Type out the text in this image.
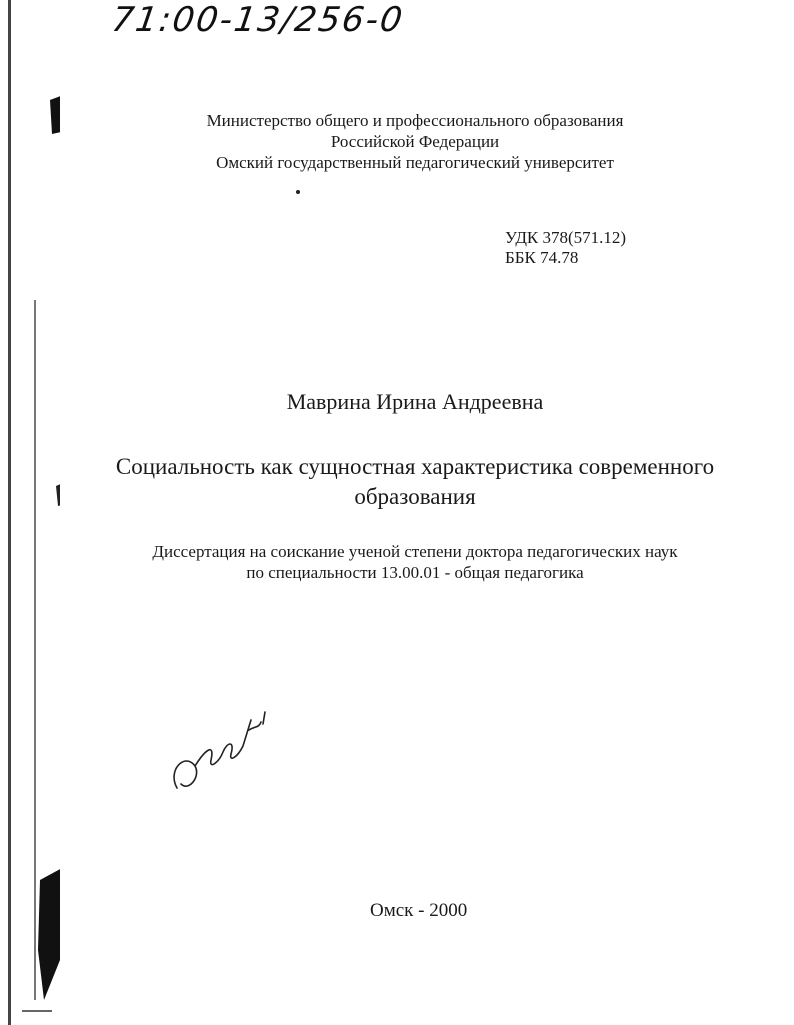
71:00-13/256-0
Министерство общего и профессионального образования
Российской Федерации
Омский государственный педагогический университет
УДК 378(571.12)
ББК 74.78
Маврина Ирина Андреевна
Социальность как сущностная характеристика современного
образования
Диссертация на соискание ученой степени доктора педагогических наук
по специальности 13.00.01 - общая педагогика
Омск - 2000
